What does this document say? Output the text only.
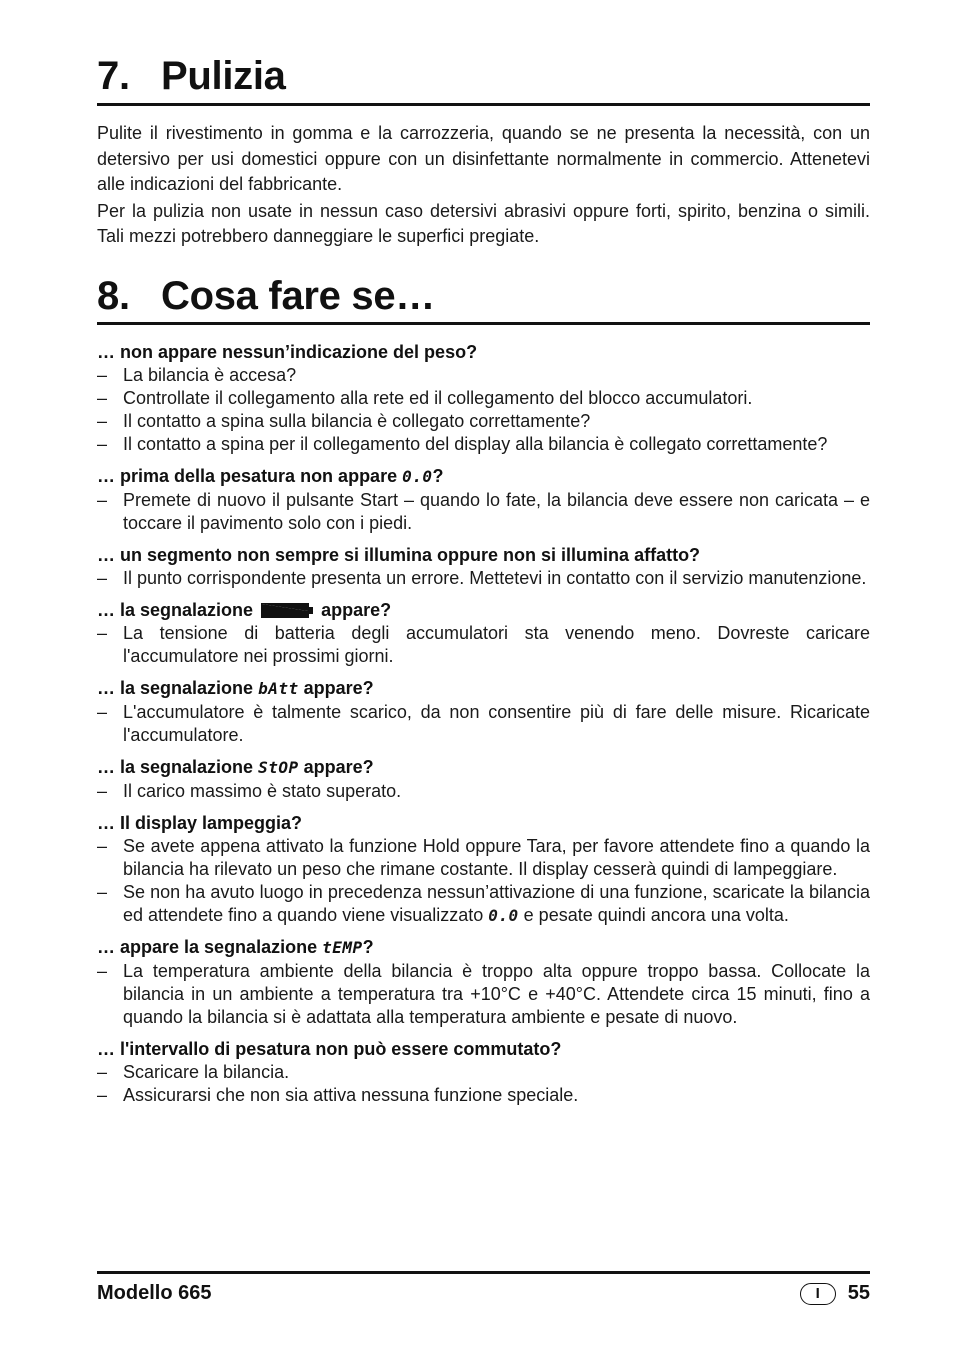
7. Pulizia

Pulite il rivestimento in gomma e la carrozzeria, quando se ne presenta la necessità, con un detersivo per usi domestici oppure con un disinfettante normalmente in commercio. Attenetevi alle indicazioni del fabbricante.

Per la pulizia non usate in nessun caso detersivi abrasivi oppure forti, spirito, benzina o simili. Tali mezzi potrebbero danneggiare le superfici pregiate.

8. Cosa fare se…
… non appare nessun’indicazione del peso?
– La bilancia è accesa?
– Controllate il collegamento alla rete ed il collegamento del blocco accumulatori.
– Il contatto a spina sulla bilancia è collegato correttamente?
– Il contatto a spina per il collegamento del display alla bilancia è collegato correttamente?
… prima della pesatura non appare 0.0?
– Premete di nuovo il pulsante Start – quando lo fate, la bilancia deve essere non caricata – e toccare il pavimento solo con i piedi.
… un segmento non sempre si illumina oppure non si illumina affatto?
– Il punto corrispondente presenta un errore. Mettetevi in contatto con il servizio manutenzione.
… la segnalazione	appare?
– La tensione di batteria degli accumulatori sta venendo meno. Dovreste caricare l'accumulatore nei prossimi giorni.
… la segnalazione bAtt appare?
– L'accumulatore è talmente scarico, da non consentire più di fare delle misure. Ricaricate l'accumulatore.
… la segnalazione StOP appare?
– Il carico massimo è stato superato.
… Il display lampeggia?
– Se avete appena attivato la funzione Hold oppure Tara, per favore attendete fino a quando la bilancia ha rilevato un peso che rimane costante. Il display cesserà quindi di lampeggiare.
– Se non ha avuto luogo in precedenza nessun’attivazione di una funzione, scaricate la bilancia ed attendete fino a quando viene visualizzato 0.0 e pesate quindi ancora una volta.
… appare la segnalazione tEMP?
– La temperatura ambiente della bilancia è troppo alta oppure troppo bassa. Collocate la bilancia in un ambiente a temperatura tra +10°C e +40°C. Attendete circa 15 minuti, fino a quando la bilancia si è adattata alla temperatura ambiente e pesate di nuovo.
… l'intervallo di pesatura non può essere commutato?
– Scaricare la bilancia.
– Assicurarsi che non sia attiva nessuna funzione speciale.
Modello 665	I	55
